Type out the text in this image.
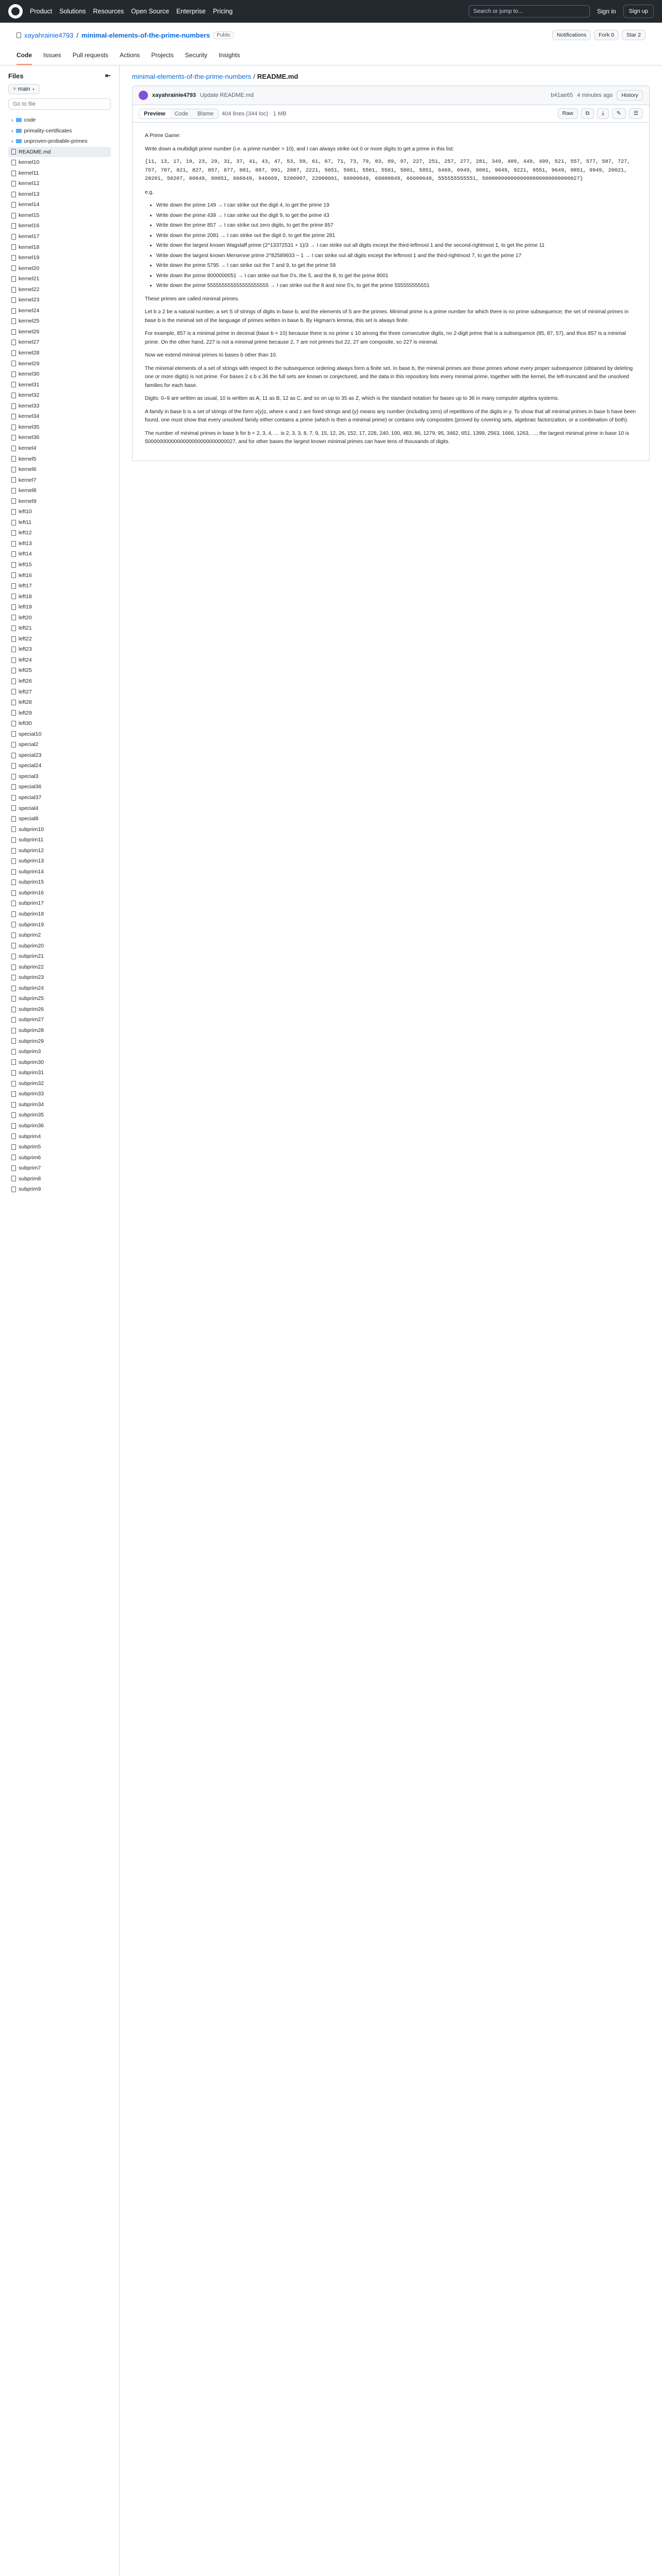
Product Solutions Resources Open Source Enterprise Pricing	Search or jump to...	Sign in	Sign up
xayahrainie4793 / minimal-elements-of-the-prime-numbers	Public	Notifications	Fork 0	Star 2
Code Issues Pull requests Actions Projects Security Insights
Files	⇤
⑂ main ▾
Go to file
› code
› primality-certificates
› unproven-probable-primes
README.md
kernel10
kernel11
kernel12
kernel13
kernel14
kernel15
kernel16
kernel17
kernel18
kernel19
kernel20
kernel21
kernel22
kernel23
kernel24
kernel25
kernel26
kernel27
kernel28
kernel29
kernel30
kernel31
kernel32
kernel33
kernel34
kernel35
kernel36
kernel4
kernel5
kernel6
kernel7
kernel8
kernel9
left10
left11
left12
left13
left14
left15
left16
left17
left18
left19
left20
left21
left22
left23
left24
left25
left26
left27
left28
left29
left30
special10
special2
special23
special24
special3
special36
special37
special4
special8
subprim10
subprim11
subprim12
subprim13
subprim14
subprim15
subprim16
subprim17
subprim18
subprim19
subprim2
subprim20
subprim21
subprim22
subprim23
subprim24
subprim25
subprim26
subprim27
subprim28
subprim29
subprim3
subprim30
subprim31
subprim32
subprim33
subprim34
subprim35
subprim36
subprim4
subprim5
subprim6
subprim7
subprim8
subprim9
minimal-elements-of-the-prime-numbers / README.md
xayahrainie4793 Update README.md	b41ae65 4 minutes ago	History
Preview	Code	Blame	404 lines (344 loc) · 1 MB	Raw	⧉	⤓	✎	☰

A Prime Game:

Write down a multidigit prime number (i.e. a prime number > 10), and I can always strike out 0 or more digits to get a prime in this list:

{11, 13, 17, 19, 23, 29, 31, 37, 41, 43, 47, 53, 59, 61, 67, 71, 73, 79, 83, 89, 97, 227, 251, 257, 277, 281, 349, 409, 449, 499, 521, 557, 577, 587, 727, 757, 787, 821, 827, 857, 877, 881, 887, 991, 2087, 2221, 5051, 5081, 5501, 5581, 5801, 5851, 6469, 6949, 9001, 9049, 9221, 9551, 9649, 9851, 9949, 20021, 20201, 50207, 60649, 80051, 666649, 946669, 5200007, 22000001, 60000049, 66000049, 66600049, 555555555551, 5000000000000000000000000000027}

e.g.

• Write down the prime 149 → I can strike out the digit 4, to get the prime 19
• Write down the prime 439 → I can strike out the digit 9, to get the prime 43
• Write down the prime 857 → I can strike out zero digits, to get the prime 857
• Write down the prime 2081 → I can strike out the digit 0, to get the prime 281
• Write down the largest known Wagstaff prime (2^13372531 + 1)/3 → I can strike out all digits except the third-leftmost 1 and the second-rightmost 1, to get the prime 11
• Write down the largest known Mersenne prime 2^82589933 − 1 → I can strike out all digits except the leftmost 1 and the third-rightmost 7, to get the prime 17
• Write down the prime 5795 → I can strike out the 7 and 9, to get the prime 59
• Write down the prime 8000000051 → I can strike out five 0's, the 5, and the 8, to get the prime 8001
• Write down the prime 555555555555555555555 → I can strike out the 8 and nine 5's, to get the prime 555555555551

These primes are called minimal primes.

Let b ≥ 2 be a natural number, a set S of strings of digits in base b, and the elements of S are the primes. Minimal prime is a prime number for which there is no prime subsequence; the set of minimal primes in base b is the minimal set of the language of primes written in base b. By Higman's lemma, this set is always finite.

For example, 857 is a minimal prime in decimal (base b = 10) because there is no prime ≤ 10 among the three consecutive digits, no 2-digit prime that is a subsequence (85, 87, 57), and thus 857 is a minimal prime. On the other hand, 227 is not a minimal prime because 2, 7 are not primes but 22, 27 are composite, so 227 is minimal.

Now we extend minimal primes to bases b other than 10.

The minimal elements of a set of strings with respect to the subsequence ordering always form a finite set. In base b, the minimal primes are those primes whose every proper subsequence (obtained by deleting one or more digits) is not prime. For bases 2 ≤ b ≤ 36 the full sets are known or conjectured, and the data in this repository lists every minimal prime, together with the kernel, the left-truncated and the unsolved families for each base.

Digits: 0–9 are written as usual, 10 is written as A, 11 as B, 12 as C, and so on up to 35 as Z, which is the standard notation for bases up to 36 in many computer algebra systems.

A family in base b is a set of strings of the form x{y}z, where x and z are fixed strings and {y} means any number (including zero) of repetitions of the digits in y. To show that all minimal primes in base b have been found, one must show that every unsolved family either contains a prime (which is then a minimal prime) or contains only composites (proved by covering sets, algebraic factorization, or a combination of both).

The number of minimal primes in base b for b = 2, 3, 4, … is 2, 3, 3, 8, 7, 9, 15, 12, 26, 152, 17, 228, 240, 100, 483, 86, 1279, 95, 3462, 651, 1399, 2563, 1666, 1263, …; the largest minimal prime in base 10 is 5000000000000000000000000000027, and for other bases the largest known minimal primes can have tens of thousands of digits.
